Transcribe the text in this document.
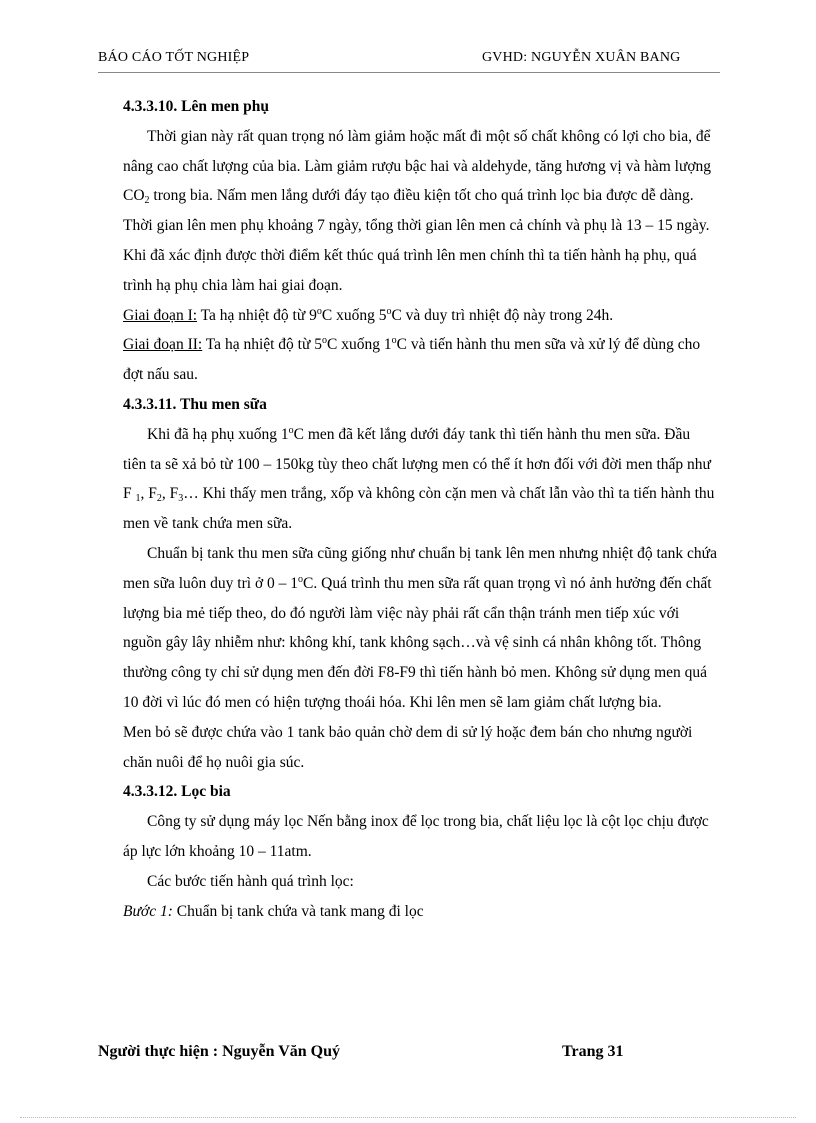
BÁO CÁO TỐT NGHIỆP	GVHD: NGUYỄN XUÂN BANG
4.3.3.10. Lên men phụ

Thời gian này rất quan trọng nó làm giảm hoặc mất đi một số chất không có lợi cho bia, để nâng cao chất lượng của bia. Làm giảm rượu bậc hai và aldehyde, tăng hương vị và hàm lượng $CO_2$ trong bia. Nấm men lắng dưới đáy tạo điều kiện tốt cho quá trình lọc bia được dễ dàng.

Thời gian lên men phụ khoảng 7 ngày, tổng thời gian lên men cả chính và phụ là 13 – 15 ngày. Khi đã xác định được thời điểm kết thúc quá trình lên men chính thì ta tiến hành hạ phụ, quá trình hạ phụ chia làm hai giai đoạn.

Giai đoạn I: Ta hạ nhiệt độ từ 9$^o$C xuống 5$^o$C và duy trì nhiệt độ này trong 24h.

Giai đoạn II: Ta hạ nhiệt độ từ 5$^o$C xuống 1$^o$C và tiến hành thu men sữa và xử lý để dùng cho đợt nấu sau.

4.3.3.11. Thu men sữa

Khi đã hạ phụ xuống 1$^o$C men đã kết lắng dưới đáy tank thì tiến hành thu men sữa. Đầu tiên ta sẽ xả bỏ từ 100 – 150kg tùy theo chất lượng men có thể ít hơn đối với đời men thấp như F $_1$, $F_2$, $F_3\dots$ Khi thấy men trắng, xốp và không còn cặn men và chất lẫn vào thì ta tiến hành thu men về tank chứa men sữa.

Chuẩn bị tank thu men sữa cũng giống như chuẩn bị tank lên men nhưng nhiệt độ tank chứa men sữa luôn duy trì ở 0 – 1$^o$C. Quá trình thu men sữa rất quan trọng vì nó ảnh hưởng đến chất lượng bia mẻ tiếp theo, do đó người làm việc này phải rất cẩn thận tránh men tiếp xúc với nguồn gây lây nhiễm như: không khí, tank không sạch…và vệ sinh cá nhân không tốt. Thông thường công ty chỉ sử dụng men đến đời F8-F9 thì tiến hành bỏ men. Không sử dụng men quá 10 đời vì lúc đó men có hiện tượng thoái hóa. Khi lên men sẽ lam giảm chất lượng bia.

Men bỏ sẽ được chứa vào 1 tank bảo quản chờ dem di sử lý hoặc đem bán cho nhưng người chăn nuôi để họ nuôi gia súc.

4.3.3.12. Lọc bia

Công ty sử dụng máy lọc Nến bằng inox để lọc trong bia, chất liệu lọc là cột lọc chịu được áp lực lớn khoảng 10 – 11atm.

Các bước tiến hành quá trình lọc:

Bước 1: Chuẩn bị tank chứa và tank mang đi lọc

Người thực hiện : Nguyễn Văn Quý	Trang 31
